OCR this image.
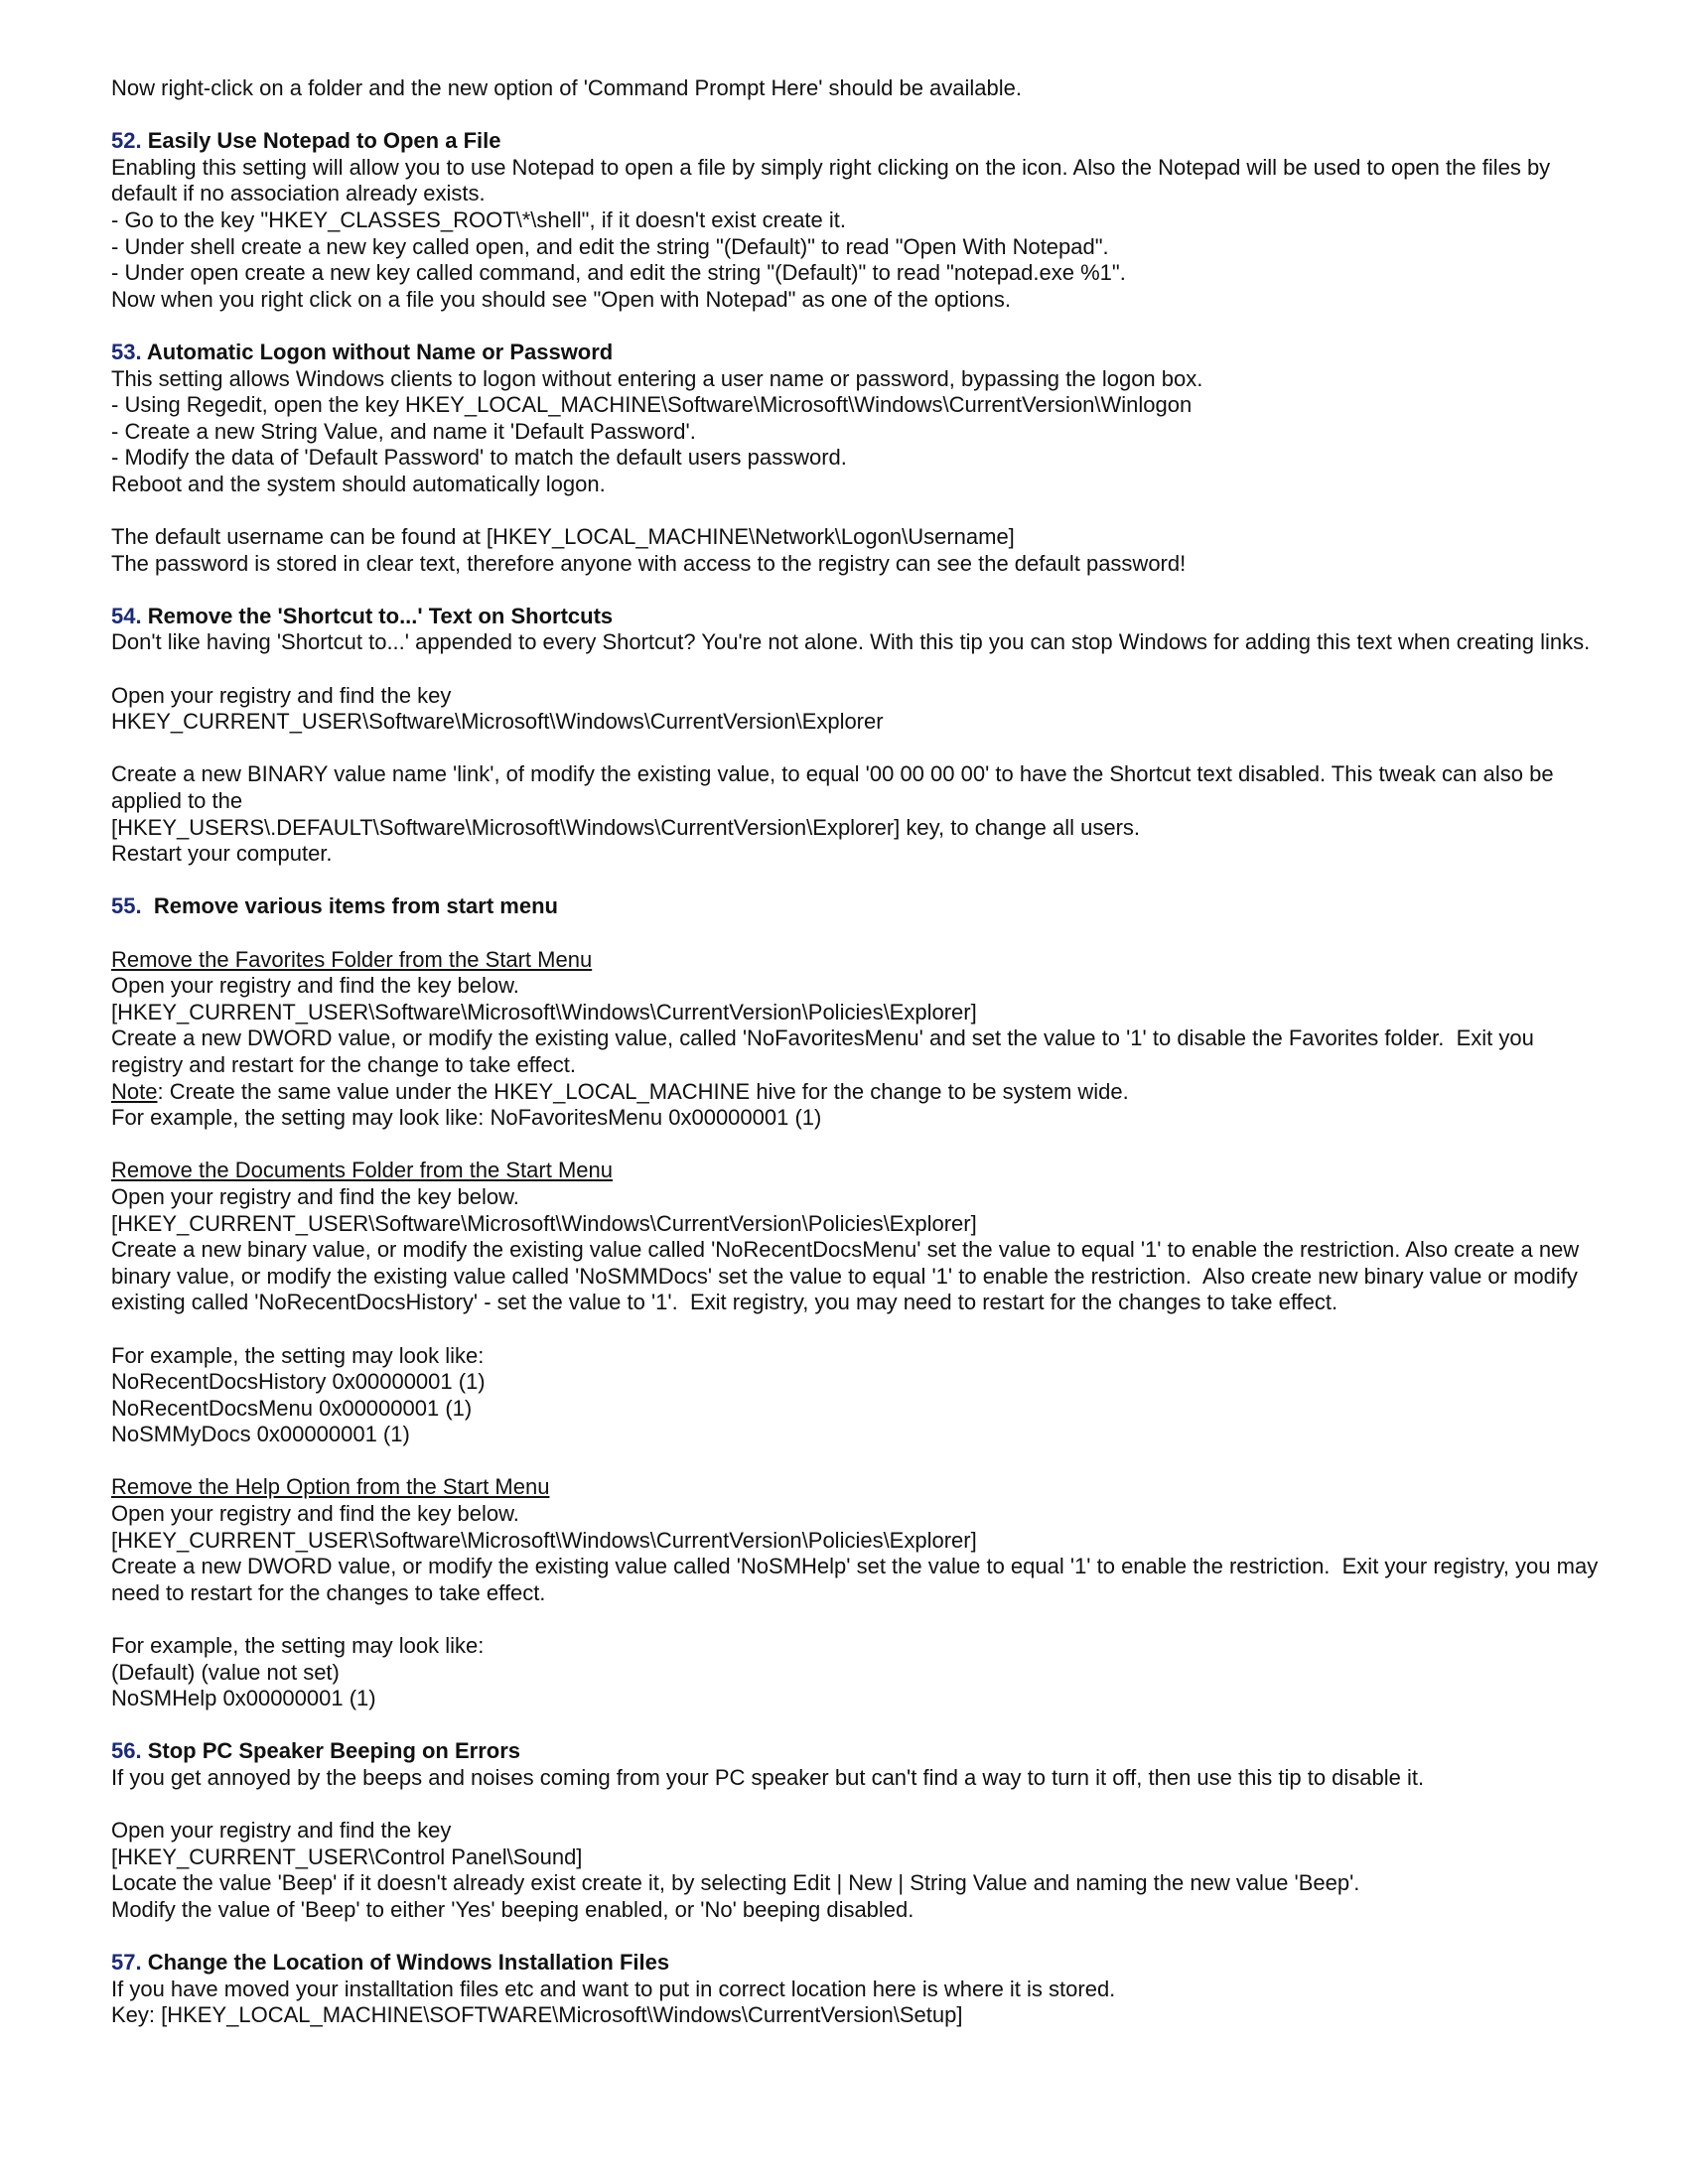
Now right-click on a folder and the new option of 'Command Prompt Here' should be available.

52. Easily Use Notepad to Open a File

Enabling this setting will allow you to use Notepad to open a file by simply right clicking on the icon. Also the Notepad will be used to open the files by default if no association already exists.

- Go to the key "HKEY_CLASSES_ROOT\*\shell", if it doesn't exist create it.

- Under shell create a new key called open, and edit the string "(Default)" to read "Open With Notepad".

- Under open create a new key called command, and edit the string "(Default)" to read "notepad.exe %1".

Now when you right click on a file you should see "Open with Notepad" as one of the options.

53. Automatic Logon without Name or Password

This setting allows Windows clients to logon without entering a user name or password, bypassing the logon box.

- Using Regedit, open the key HKEY_LOCAL_MACHINE\Software\Microsoft\Windows\CurrentVersion\Winlogon

- Create a new String Value, and name it 'Default Password'.

- Modify the data of 'Default Password' to match the default users password.

Reboot and the system should automatically logon.

The default username can be found at [HKEY_LOCAL_MACHINE\Network\Logon\Username]

The password is stored in clear text, therefore anyone with access to the registry can see the default password!

54. Remove the 'Shortcut to...' Text on Shortcuts

Don't like having 'Shortcut to...' appended to every Shortcut? You're not alone. With this tip you can stop Windows for adding this text when creating links.

Open your registry and find the key

HKEY_CURRENT_USER\Software\Microsoft\Windows\CurrentVersion\Explorer

Create a new BINARY value name 'link', of modify the existing value, to equal '00 00 00 00' to have the Shortcut text disabled. This tweak can also be applied to the

[HKEY_USERS\.DEFAULT\Software\Microsoft\Windows\CurrentVersion\Explorer] key, to change all users.

Restart your computer.

55.  Remove various items from start menu

Remove the Favorites Folder from the Start Menu

Open your registry and find the key below.

[HKEY_CURRENT_USER\Software\Microsoft\Windows\CurrentVersion\Policies\Explorer]

Create a new DWORD value, or modify the existing value, called 'NoFavoritesMenu' and set the value to '1' to disable the Favorites folder.  Exit you registry and restart for the change to take effect.

Note: Create the same value under the HKEY_LOCAL_MACHINE hive for the change to be system wide.

For example, the setting may look like: NoFavoritesMenu 0x00000001 (1)

Remove the Documents Folder from the Start Menu

Open your registry and find the key below.

[HKEY_CURRENT_USER\Software\Microsoft\Windows\CurrentVersion\Policies\Explorer]

Create a new binary value, or modify the existing value called 'NoRecentDocsMenu' set the value to equal '1' to enable the restriction. Also create a new binary value, or modify the existing value called 'NoSMMDocs' set the value to equal '1' to enable the restriction.  Also create new binary value or modify existing called 'NoRecentDocsHistory' - set the value to '1'.  Exit registry, you may need to restart for the changes to take effect.

For example, the setting may look like:

NoRecentDocsHistory 0x00000001 (1)

NoRecentDocsMenu 0x00000001 (1)

NoSMMyDocs 0x00000001 (1)

Remove the Help Option from the Start Menu

Open your registry and find the key below.

[HKEY_CURRENT_USER\Software\Microsoft\Windows\CurrentVersion\Policies\Explorer]

Create a new DWORD value, or modify the existing value called 'NoSMHelp' set the value to equal '1' to enable the restriction.  Exit your registry, you may need to restart for the changes to take effect.

For example, the setting may look like:

(Default) (value not set)

NoSMHelp 0x00000001 (1)

56. Stop PC Speaker Beeping on Errors

If you get annoyed by the beeps and noises coming from your PC speaker but can't find a way to turn it off, then use this tip to disable it.

Open your registry and find the key

[HKEY_CURRENT_USER\Control Panel\Sound]

Locate the value 'Beep' if it doesn't already exist create it, by selecting Edit | New | String Value and naming the new value 'Beep'.

Modify the value of 'Beep' to either 'Yes' beeping enabled, or 'No' beeping disabled.

57. Change the Location of Windows Installation Files

If you have moved your installtation files etc and want to put in correct location here is where it is stored.

Key: [HKEY_LOCAL_MACHINE\SOFTWARE\Microsoft\Windows\CurrentVersion\Setup]
